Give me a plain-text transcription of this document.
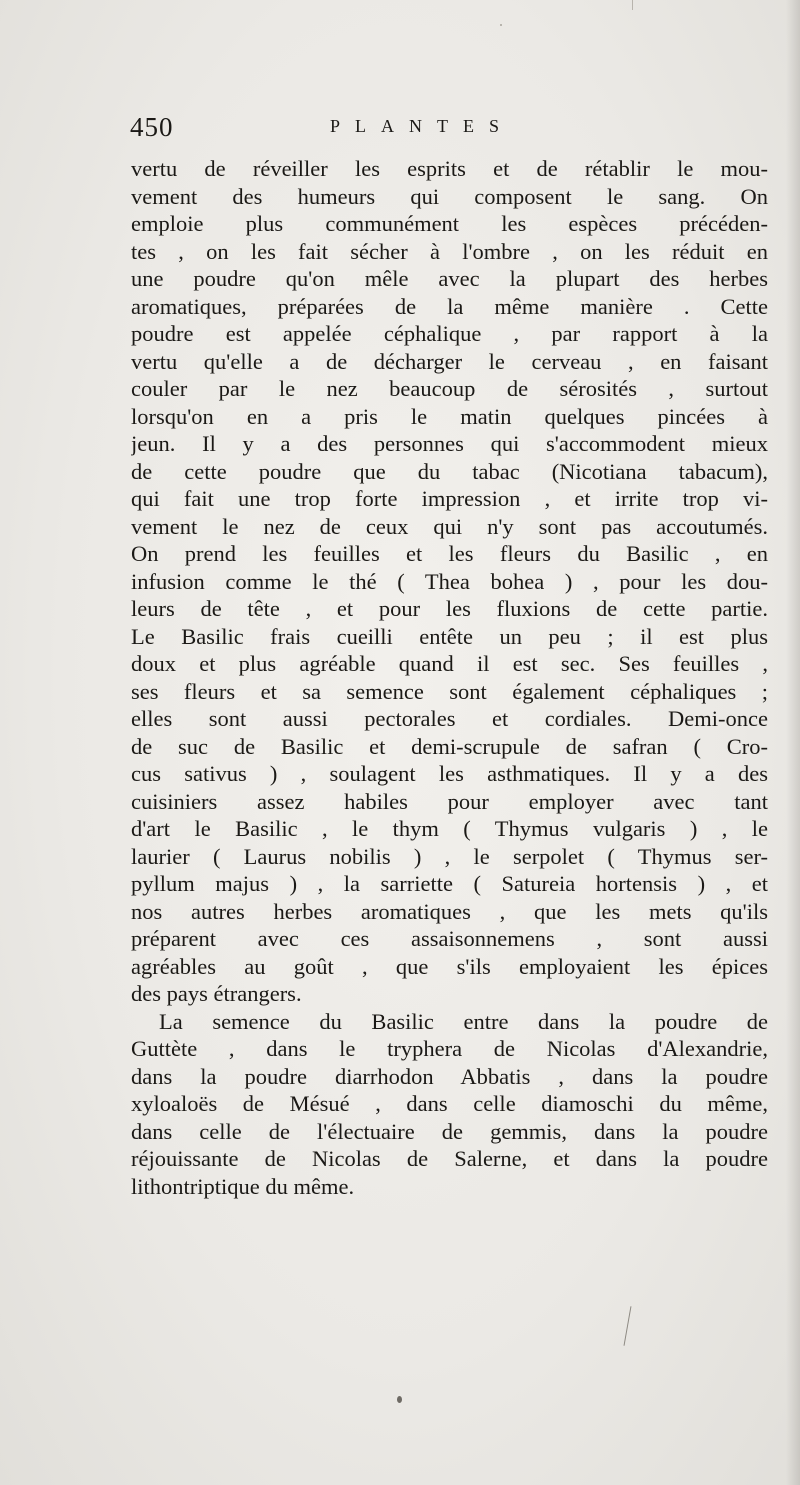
450	PLANTES
vertu de réveiller les esprits et de rétablir le mou-
vement des humeurs qui composent le sang. On
emploie plus communément les espèces précéden-
tes , on les fait sécher à l'ombre , on les réduit en
une poudre qu'on mêle avec la plupart des herbes
aromatiques, préparées de la même manière . Cette
poudre est appelée céphalique , par rapport à la
vertu qu'elle a de décharger le cerveau , en faisant
couler par le nez beaucoup de sérosités , surtout
lorsqu'on en a pris le matin quelques pincées à
jeun. Il y a des personnes qui s'accommodent mieux
de cette poudre que du tabac (Nicotiana tabacum),
qui fait une trop forte impression , et irrite trop vi-
vement le nez de ceux qui n'y sont pas accoutumés.
On prend les feuilles et les fleurs du Basilic , en
infusion comme le thé ( Thea bohea ) , pour les dou-
leurs de tête , et pour les fluxions de cette partie.
Le Basilic frais cueilli entête un peu ; il est plus
doux et plus agréable quand il est sec. Ses feuilles ,
ses fleurs et sa semence sont également céphaliques ;
elles sont aussi pectorales et cordiales. Demi-once
de suc de Basilic et demi-scrupule de safran ( Cro-
cus sativus ) , soulagent les asthmatiques. Il y a des
cuisiniers assez habiles pour employer avec tant
d'art le Basilic , le thym ( Thymus vulgaris ) , le
laurier ( Laurus nobilis ) , le serpolet ( Thymus ser-
pyllum majus ) , la sarriette ( Satureia hortensis ) , et
nos autres herbes aromatiques , que les mets qu'ils
préparent avec ces assaisonnemens , sont aussi
agréables au goût , que s'ils employaient les épices
des pays étrangers.
La semence du Basilic entre dans la poudre de
Guttète , dans le tryphera de Nicolas d'Alexandrie,
dans la poudre diarrhodon Abbatis , dans la poudre
xyloaloës de Mésué , dans celle diamoschi du même,
dans celle de l'électuaire de gemmis, dans la poudre
réjouissante de Nicolas de Salerne, et dans la poudre
lithontriptique du même.
